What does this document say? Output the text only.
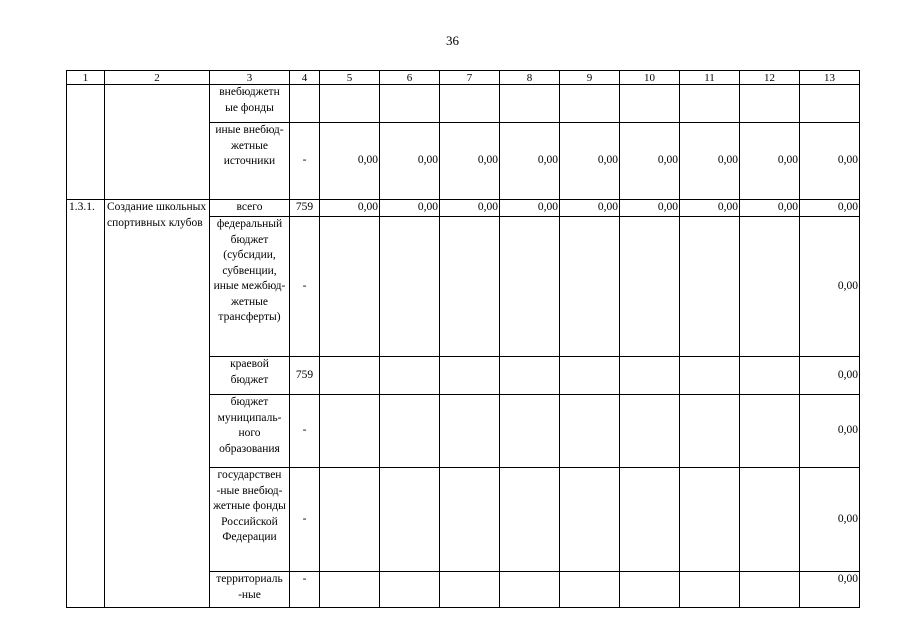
36
1	2	3	4	5	6	7	8	9	10	11	12	13
		внебюджетн ые фонды										
		иные внебюд- жетные источники	-	0,00	0,00	0,00	0,00	0,00	0,00	0,00	0,00	0,00
1.3.1.	Создание школьных спортивных клубов	всего	759	0,00	0,00	0,00	0,00	0,00	0,00	0,00	0,00	0,00
		федеральный бюджет (субсидии, субвенции, иные межбюд- жетные трансферты)	-									0,00
		краевой бюджет	759									0,00
		бюджет муниципаль- ного образования	-									0,00
		государствен -ные внебюд- жетные фонды Российской Федерации	-									0,00
		территориаль -ные	-									0,00
